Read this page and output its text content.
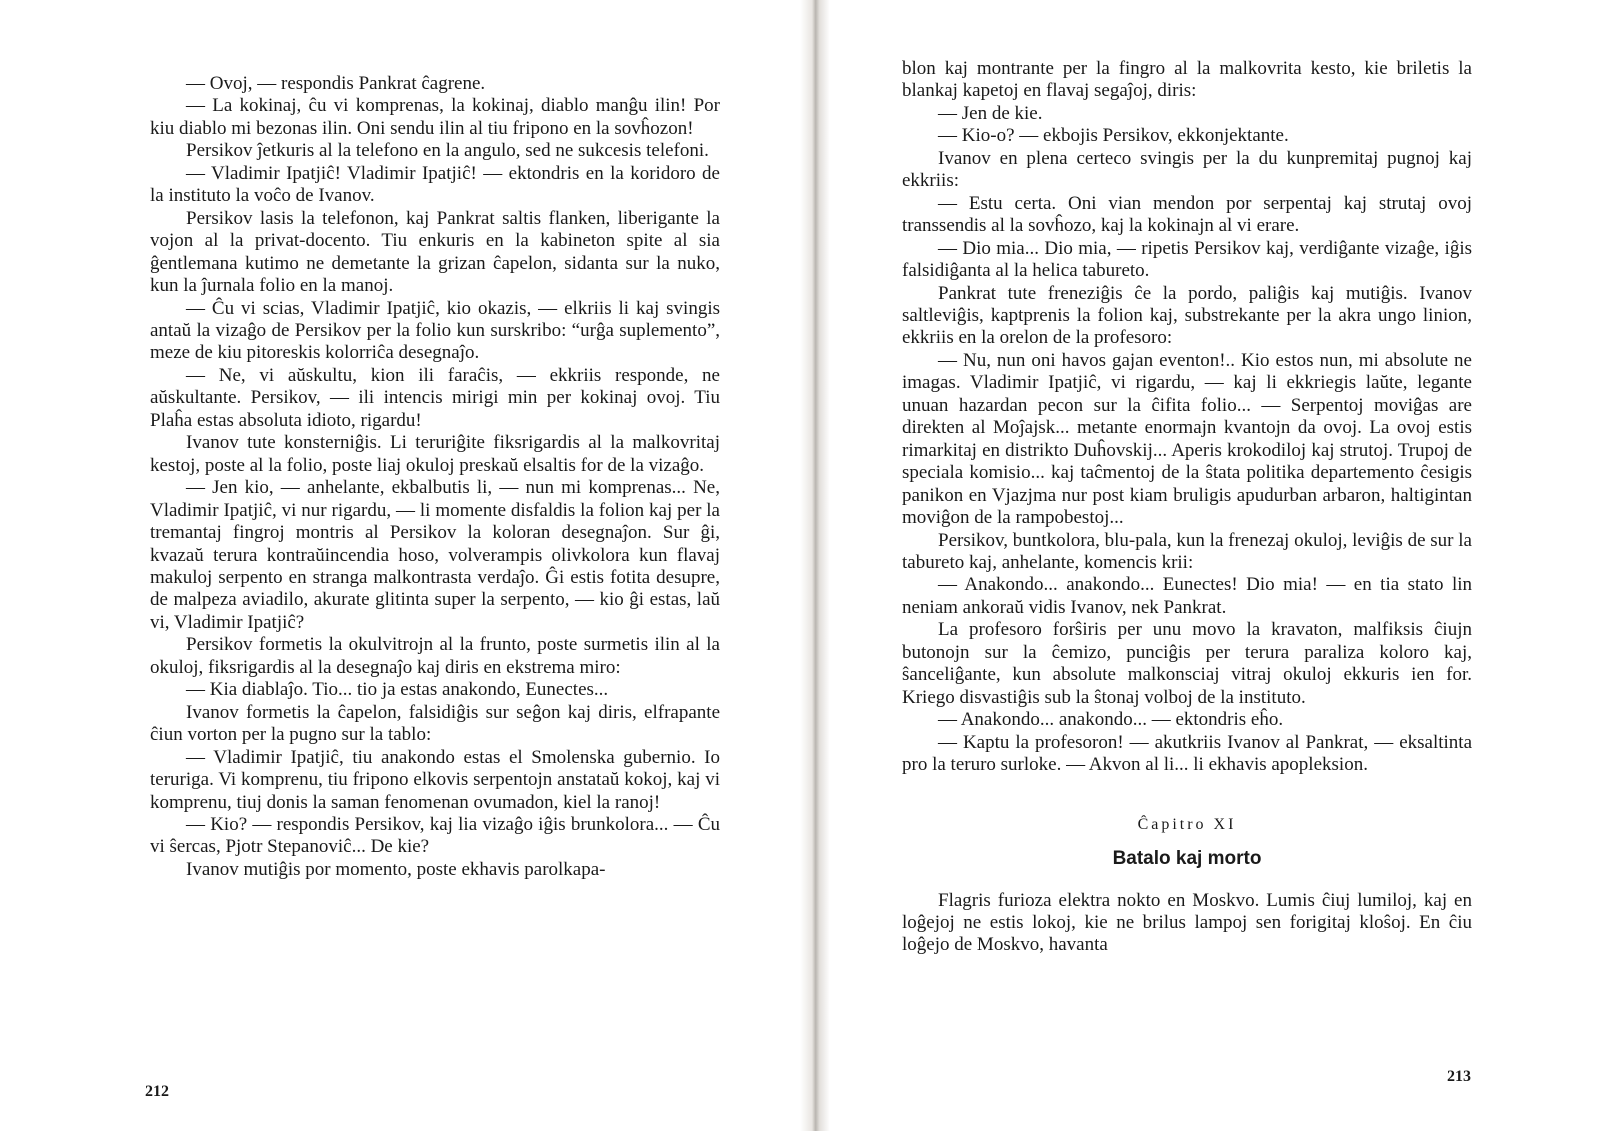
— Ovoj, — respondis Pankrat ĉagrene.

— La kokinaj, ĉu vi komprenas, la kokinaj, diablo manĝu ilin! Por kiu diablo mi bezonas ilin. Oni sendu ilin al tiu fripono en la sovĥozon!

Persikov ĵetkuris al la telefono en la angulo, sed ne sukcesis telefoni.

— Vladimir Ipatjiĉ! Vladimir Ipatjiĉ! — ektondris en la koridoro de la instituto la voĉo de Ivanov.

Persikov lasis la telefonon, kaj Pankrat saltis flanken, liberigante la vojon al la privat-docento. Tiu enkuris en la kabineton spite al sia ĝentlemana kutimo ne demetante la grizan ĉapelon, sidanta sur la nuko, kun la ĵurnala folio en la manoj.

— Ĉu vi scias, Vladimir Ipatjiĉ, kio okazis, — elkriis li kaj svingis antaŭ la vizaĝo de Persikov per la folio kun surskribo: “urĝa suplemento”, meze de kiu pitoreskis kolorriĉa desegnaĵo.

— Ne, vi aŭskultu, kion ili faraĉis, — ekkriis responde, ne aŭskultante. Persikov, — ili intencis mirigi min per kokinaj ovoj. Tiu Plaĥa estas absoluta idioto, rigardu!

Ivanov tute konsterniĝis. Li teruriĝite fiksrigardis al la malkovritaj kestoj, poste al la folio, poste liaj okuloj preskaŭ elsaltis for de la vizaĝo.

— Jen kio, — anhelante, ekbalbutis li, — nun mi komprenas... Ne, Vladimir Ipatjiĉ, vi nur rigardu, — li momente disfaldis la folion kaj per la tremantaj fingroj montris al Persikov la koloran desegnaĵon. Sur ĝi, kvazaŭ terura kontraŭincendia hoso, volverampis olivkolora kun flavaj makuloj serpento en stranga malkontrasta verdaĵo. Ĝi estis fotita desupre, de malpeza aviadilo, akurate glitinta super la serpento, — kio ĝi estas, laŭ vi, Vladimir Ipatjiĉ?

Persikov formetis la okulvitrojn al la frunto, poste surmetis ilin al la okuloj, fiksrigardis al la desegnaĵo kaj diris en ekstrema miro:

— Kia diablaĵo. Tio... tio ja estas anakondo, Eunectes...

Ivanov formetis la ĉapelon, falsidiĝis sur seĝon kaj diris, elfrapante ĉiun vorton per la pugno sur la tablo:

— Vladimir Ipatjiĉ, tiu anakondo estas el Smolenska gubernio. Io teruriga. Vi komprenu, tiu fripono elkovis serpentojn anstataŭ kokoj, kaj vi komprenu, tiuj donis la saman fenomenan ovumadon, kiel la ranoj!

— Kio? — respondis Persikov, kaj lia vizaĝo iĝis brunkolora... — Ĉu vi ŝercas, Pjotr Stepanoviĉ... De kie?

Ivanov mutiĝis por momento, poste ekhavis parolkapa-

212

blon kaj montrante per la fingro al la malkovrita kesto, kie briletis la blankaj kapetoj en flavaj segaĵoj, diris:

— Jen de kie.

— Kio-o? — ekbojis Persikov, ekkonjektante.

Ivanov en plena certeco svingis per la du kunpremitaj pugnoj kaj ekkriis:

— Estu certa. Oni vian mendon por serpentaj kaj strutaj ovoj transsendis al la sovĥozo, kaj la kokinajn al vi erare.

— Dio mia... Dio mia, — ripetis Persikov kaj, verdiĝante vizaĝe, iĝis falsidiĝanta al la helica tabureto.

Pankrat tute freneziĝis ĉe la pordo, paliĝis kaj mutiĝis. Ivanov saltleviĝis, kaptprenis la folion kaj, substrekante per la akra ungo linion, ekkriis en la orelon de la profesoro:

— Nu, nun oni havos gajan eventon!.. Kio estos nun, mi absolute ne imagas. Vladimir Ipatjiĉ, vi rigardu, — kaj li ekkriegis laŭte, legante unuan hazardan pecon sur la ĉifita folio... — Serpentoj moviĝas are direkten al Moĵajsk... metante enormajn kvantojn da ovoj. La ovoj estis rimarkitaj en distrikto Duĥovskij... Aperis krokodiloj kaj strutoj. Trupoj de speciala komisio... kaj taĉmentoj de la ŝtata politika departemento ĉesigis panikon en Vjazjma nur post kiam bruligis apudurban arbaron, haltigintan moviĝon de la rampobestoj...

Persikov, buntkolora, blu-pala, kun la frenezaj okuloj, leviĝis de sur la tabureto kaj, anhelante, komencis krii:

— Anakondo... anakondo... Eunectes! Dio mia! — en tia stato lin neniam ankoraŭ vidis Ivanov, nek Pankrat.

La profesoro forŝiris per unu movo la kravaton, malfiksis ĉiujn butonojn sur la ĉemizo, punciĝis per terura paraliza koloro kaj, ŝanceliĝante, kun absolute malkonsciaj vitraj okuloj ekkuris ien for. Kriego disvastiĝis sub la ŝtonaj volboj de la instituto.

— Anakondo... anakondo... — ektondris eĥo.

— Kaptu la profesoron! — akutkriis Ivanov al Pankrat, — eksaltinta pro la teruro surloke. — Akvon al li... li ekhavis apopleksion.

Ĉapitro XI
Batalo kaj morto

Flagris furioza elektra nokto en Moskvo. Lumis ĉiuj lumiloj, kaj en loĝejoj ne estis lokoj, kie ne brilus lampoj sen forigitaj kloŝoj. En ĉiu loĝejo de Moskvo, havanta

213
